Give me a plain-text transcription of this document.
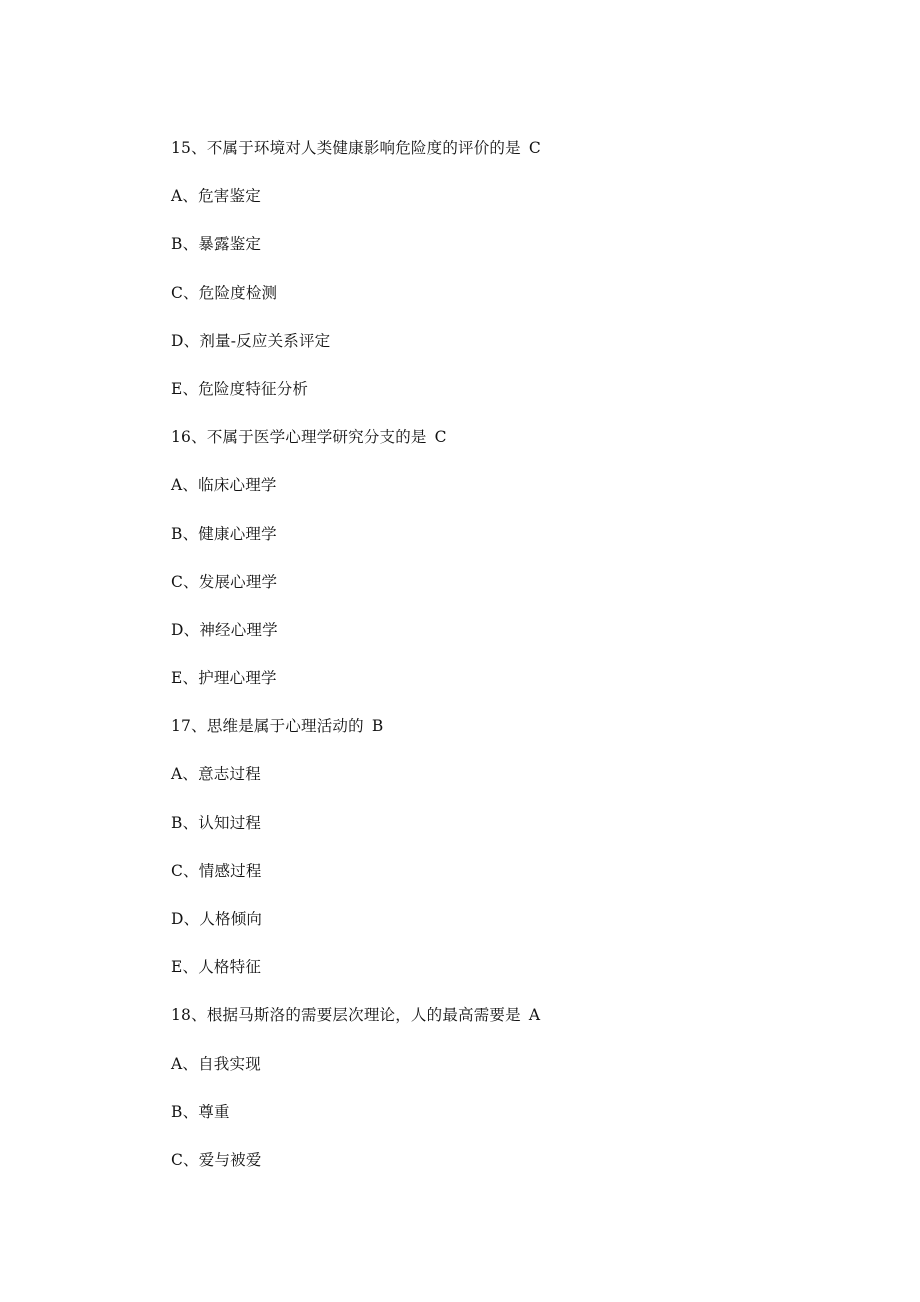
15、不属于环境对人类健康影响危险度的评价的是 C
A、危害鉴定
B、暴露鉴定
C、危险度检测
D、剂量-反应关系评定
E、危险度特征分析
16、不属于医学心理学研究分支的是 C
A、临床心理学
B、健康心理学
C、发展心理学
D、神经心理学
E、护理心理学
17、思维是属于心理活动的 B
A、意志过程
B、认知过程
C、情感过程
D、人格倾向
E、人格特征
18、根据马斯洛的需要层次理论，人的最高需要是 A
A、自我实现
B、尊重
C、爱与被爱
